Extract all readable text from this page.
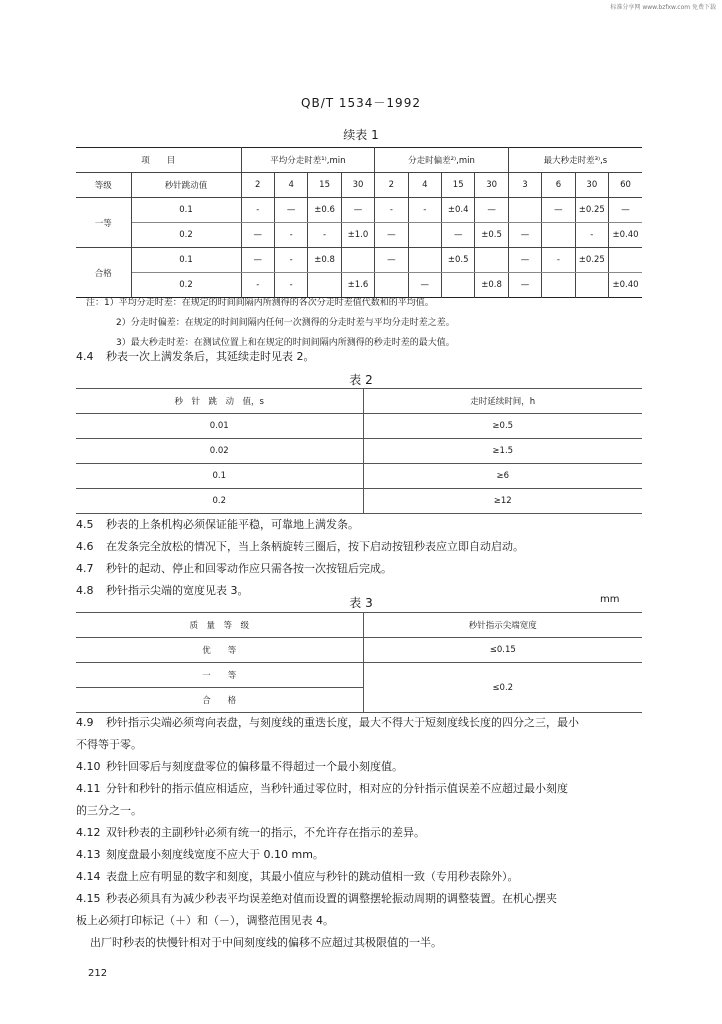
标准分享网 www.bzfxw.com 免费下载
QB/T 1534－1992
续表 1
项　　目		平均分走时差¹⁾,min				分走时偏差²⁾,min				最大秒走时差³⁾,s			
等级	秒针跳动值	2	4	15	30	2	4	15	30	3	6	30	60
一等	0.1	-	—	±0.6	—	-	-	±0.4	—		—	±0.25	—
	0.2	—	-	-	±1.0	—		—	±0.5	—		-	±0.40
合格	0.1	—	-	±0.8		—		±0.5		—	-	±0.25	
	0.2	-	-		±1.6		—		±0.8	—			±0.40
注：1）平均分走时差：在规定的时间间隔内所测得的各次分走时差值代数和的平均值。
2）分走时偏差：在规定的时间间隔内任何一次测得的分走时差与平均分走时差之差。
3）最大秒走时差：在测试位置上和在规定的时间间隔内所测得的秒走时差的最大值。
4.4 秒表一次上满发条后，其延续走时见表 2。
表 2
秒　针　跳　动　值，s	走时延续时间，h
0.01	≥0.5
0.02	≥1.5
0.1	≥6
0.2	≥12
4.5 秒表的上条机构必须保证能平稳，可靠地上满发条。
4.6 在发条完全放松的情况下，当上条柄旋转三圈后，按下启动按钮秒表应立即自动启动。
4.7 秒针的起动、停止和回零动作应只需各按一次按钮后完成。
4.8 秒针指示尖端的宽度见表 3。
表 3	mm
质　量　等　级	秒针指示尖端宽度
优　　等	≤0.15
一　　等	≤0.2
合　　格	
4.9 秒针指示尖端必须弯向表盘，与刻度线的重迭长度，最大不得大于短刻度线长度的四分之三，最小
不得等于零。
4.10 秒针回零后与刻度盘零位的偏移量不得超过一个最小刻度值。
4.11 分针和秒针的指示值应相适应，当秒针通过零位时，相对应的分针指示值误差不应超过最小刻度
的三分之一。
4.12 双针秒表的主副秒针必须有统一的指示，不允许存在指示的差异。
4.13 刻度盘最小刻度线宽度不应大于 0.10 mm。
4.14 表盘上应有明显的数字和刻度，其最小值应与秒针的跳动值相一致（专用秒表除外）。
4.15 秒表必须具有为减少秒表平均误差绝对值而设置的调整摆轮振动周期的调整装置。在机心摆夹
板上必须打印标记（＋）和（－），调整范围见表 4。
出厂时秒表的快慢针相对于中间刻度线的偏移不应超过其极限值的一半。
212
